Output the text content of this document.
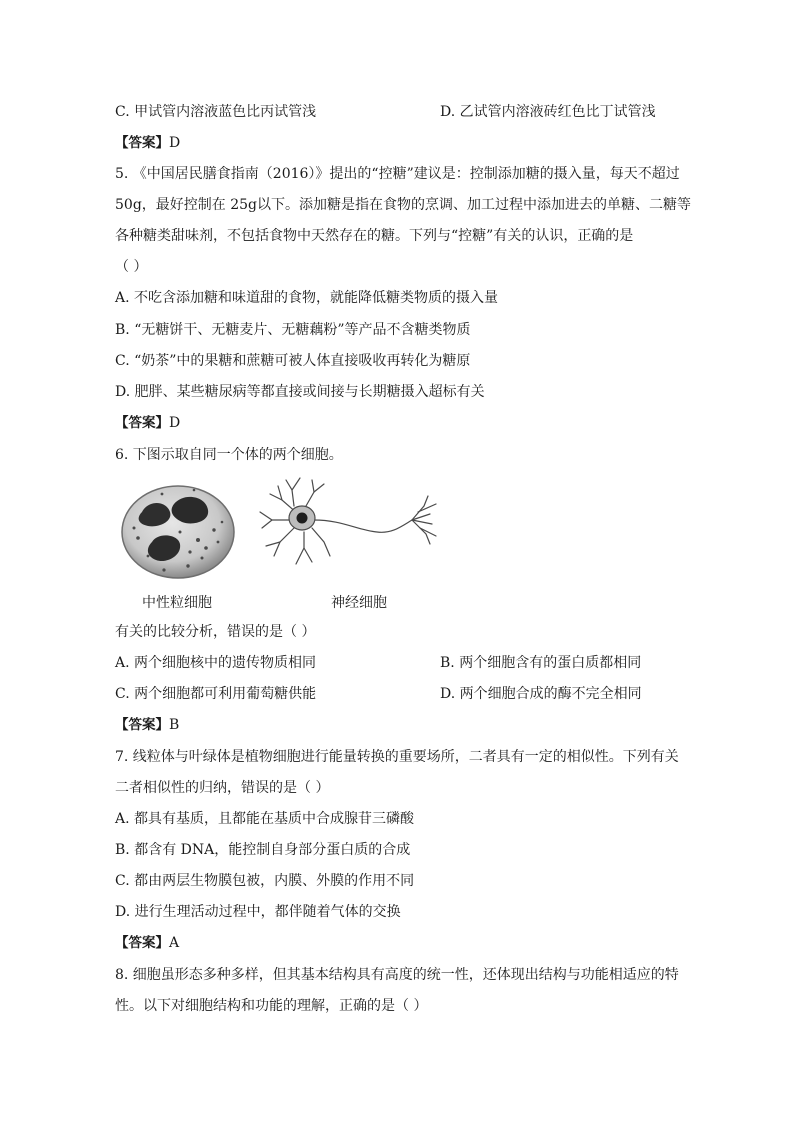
C. 甲试管内溶液蓝色比丙试管浅	D. 乙试管内溶液砖红色比丁试管浅
【答案】D
5. 《中国居民膳食指南（2016）》提出的“控糖”建议是：控制添加糖的摄入量，每天不超过
50g，最好控制在 25g以下。添加糖是指在食物的烹调、加工过程中添加进去的单糖、二糖等
各种糖类甜味剂，不包括食物中天然存在的糖。下列与“控糖”有关的认识，正确的是
（ ）
A. 不吃含添加糖和味道甜的食物，就能降低糖类物质的摄入量
B. “无糖饼干、无糖麦片、无糖藕粉”等产品不含糖类物质
C. “奶茶”中的果糖和蔗糖可被人体直接吸收再转化为糖原
D. 肥胖、某些糖尿病等都直接或间接与长期糖摄入超标有关
【答案】D
6. 下图示取自同一个体的两个细胞。
中性粒细胞	神经细胞
有关的比较分析，错误的是（ ）
A. 两个细胞核中的遗传物质相同	B. 两个细胞含有的蛋白质都相同
C. 两个细胞都可利用葡萄糖供能	D. 两个细胞合成的酶不完全相同
【答案】B
7. 线粒体与叶绿体是植物细胞进行能量转换的重要场所，二者具有一定的相似性。下列有关
二者相似性的归纳，错误的是（ ）
A. 都具有基质，且都能在基质中合成腺苷三磷酸
B. 都含有 DNA，能控制自身部分蛋白质的合成
C. 都由两层生物膜包被，内膜、外膜的作用不同
D. 进行生理活动过程中，都伴随着气体的交换
【答案】A
8. 细胞虽形态多种多样，但其基本结构具有高度的统一性，还体现出结构与功能相适应的特
性。以下对细胞结构和功能的理解，正确的是（ ）
